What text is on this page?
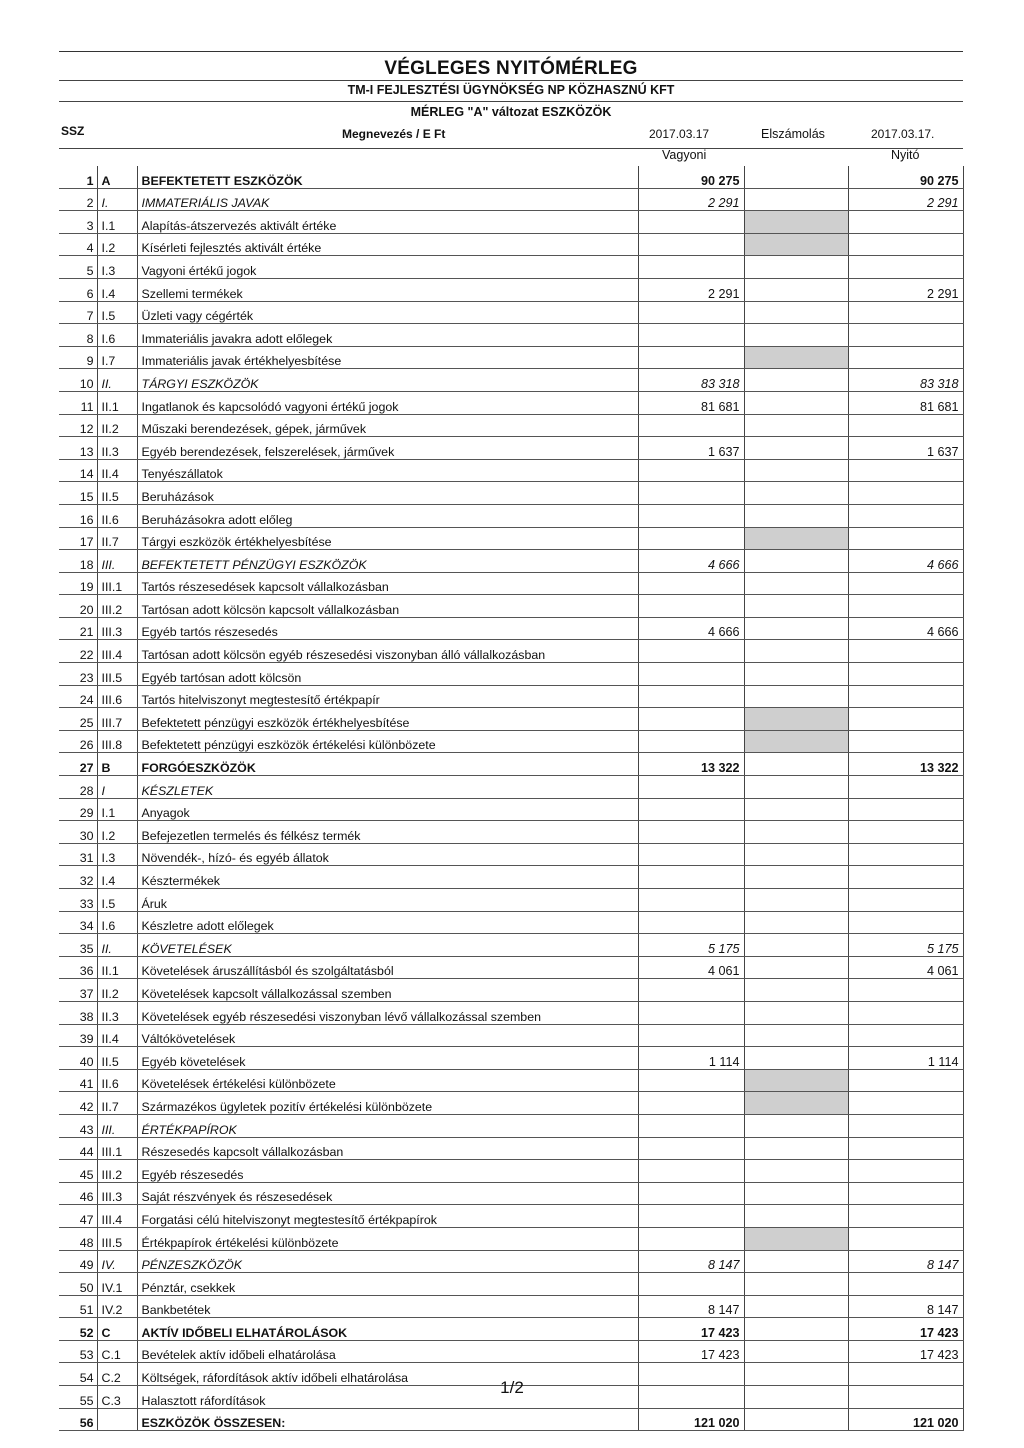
VÉGLEGES NYITÓMÉRLEG
TM-I FEJLESZTÉSI ÜGYNÖKSÉG NP KÖZHASZNÚ KFT
MÉRLEG "A" változat ESZKÖZÖK
SSZ	Megnevezés / E Ft	2017.03.17
Vagyoni
Elszámolás	2017.03.17.
Nyitó
1	A	BEFEKTETETT ESZKÖZÖK	90 275		90 275
2	I.	IMMATERIÁLIS JAVAK	2 291		2 291
3	I.1	Alapítás-átszervezés aktivált értéke			
4	I.2	Kísérleti fejlesztés aktivált értéke			
5	I.3	Vagyoni értékű jogok			
6	I.4	Szellemi termékek	2 291		2 291
7	I.5	Üzleti vagy cégérték			
8	I.6	Immateriális javakra adott előlegek			
9	I.7	Immateriális javak értékhelyesbítése			
10	II.	TÁRGYI ESZKÖZÖK	83 318		83 318
11	II.1	Ingatlanok és kapcsolódó vagyoni értékű jogok	81 681		81 681
12	II.2	Műszaki berendezések, gépek, járművek			
13	II.3	Egyéb berendezések, felszerelések, járművek	1 637		1 637
14	II.4	Tenyészállatok			
15	II.5	Beruházások			
16	II.6	Beruházásokra adott előleg			
17	II.7	Tárgyi eszközök értékhelyesbítése			
18	III.	BEFEKTETETT PÉNZÜGYI ESZKÖZÖK	4 666		4 666
19	III.1	Tartós részesedések kapcsolt vállalkozásban			
20	III.2	Tartósan adott kölcsön kapcsolt vállalkozásban			
21	III.3	Egyéb tartós részesedés	4 666		4 666
22	III.4	Tartósan adott kölcsön egyéb részesedési viszonyban álló vállalkozásban			
23	III.5	Egyéb tartósan adott kölcsön			
24	III.6	Tartós hitelviszonyt megtestesítő értékpapír			
25	III.7	Befektetett pénzügyi eszközök értékhelyesbítése			
26	III.8	Befektetett pénzügyi eszközök értékelési különbözete			
27	B	FORGÓESZKÖZÖK	13 322		13 322
28	I	KÉSZLETEK			
29	I.1	Anyagok			
30	I.2	Befejezetlen termelés és félkész termék			
31	I.3	Növendék-, hízó- és egyéb állatok			
32	I.4	Késztermékek			
33	I.5	Áruk			
34	I.6	Készletre adott előlegek			
35	II.	KÖVETELÉSEK	5 175		5 175
36	II.1	Követelések áruszállításból és szolgáltatásból	4 061		4 061
37	II.2	Követelések kapcsolt vállalkozással szemben			
38	II.3	Követelések egyéb részesedési viszonyban lévő vállalkozással szemben			
39	II.4	Váltókövetelések			
40	II.5	Egyéb követelések	1 114		1 114
41	II.6	Követelések értékelési különbözete			
42	II.7	Származékos ügyletek pozitív értékelési különbözete			
43	III.	ÉRTÉKPAPÍROK			
44	III.1	Részesedés kapcsolt vállalkozásban			
45	III.2	Egyéb részesedés			
46	III.3	Saját részvények és részesedések			
47	III.4	Forgatási célú hitelviszonyt megtestesítő értékpapírok			
48	III.5	Értékpapírok értékelési különbözete			
49	IV.	PÉNZESZKÖZÖK	8 147		8 147
50	IV.1	Pénztár, csekkek			
51	IV.2	Bankbetétek	8 147		8 147
52	C	AKTÍV IDŐBELI ELHATÁROLÁSOK	17 423		17 423
53	C.1	Bevételek aktív időbeli elhatárolása	17 423		17 423
54	C.2	Költségek, ráfordítások aktív időbeli elhatárolása			
55	C.3	Halasztott ráfordítások			
56		ESZKÖZÖK ÖSSZESEN:	121 020		121 020
1/2
